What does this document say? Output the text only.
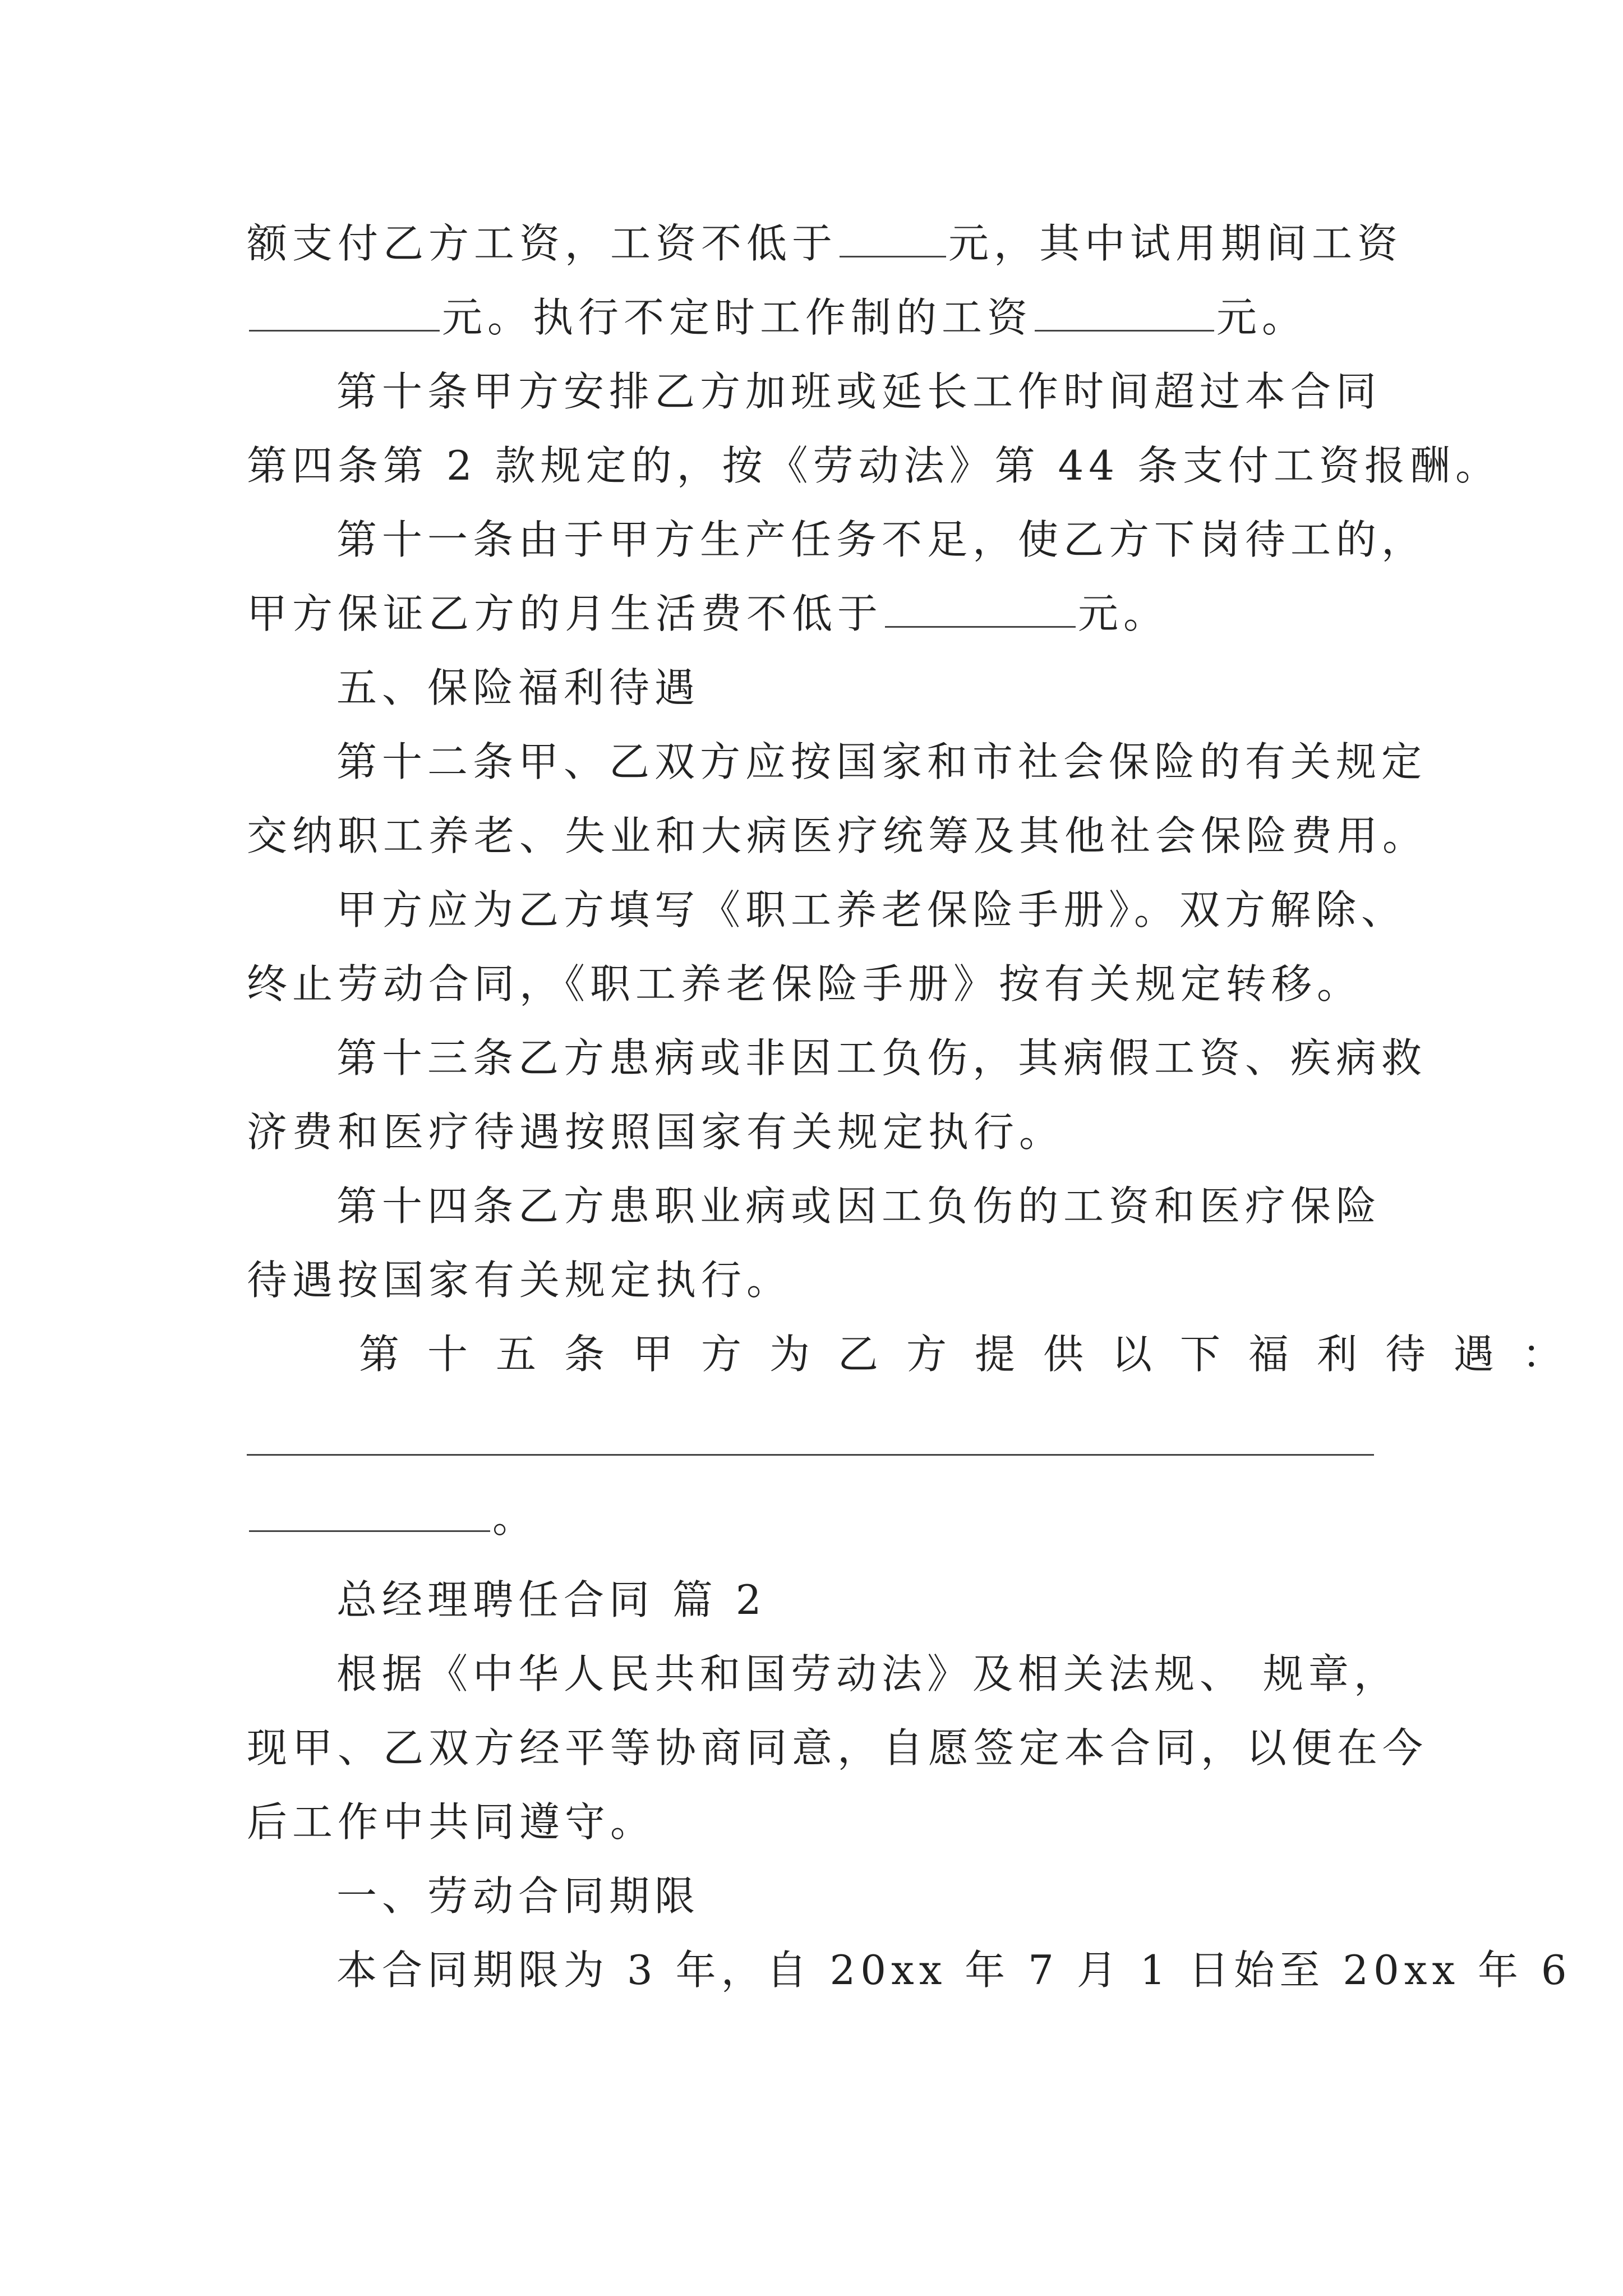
额支付乙方工资，工资不低于	元，其中试用期间工资
元。执行不定时工作制的工资	元。
第十条甲方安排乙方加班或延长工作时间超过本合同
第四条第 2 款规定的，按《劳动法》第 44 条支付工资报酬。
第十一条由于甲方生产任务不足，使乙方下岗待工的，
甲方保证乙方的月生活费不低于	元。
五、保险福利待遇
第十二条甲、乙双方应按国家和市社会保险的有关规定
交纳职工养老、失业和大病医疗统筹及其他社会保险费用。
甲方应为乙方填写《职工养老保险手册》。双方解除、
终止劳动合同，《职工养老保险手册》按有关规定转移。
第十三条乙方患病或非因工负伤，其病假工资、疾病救
济费和医疗待遇按照国家有关规定执行。
第十四条乙方患职业病或因工负伤的工资和医疗保险
待遇按国家有关规定执行。
第十五条甲方为乙方提供以下福利待遇：
。
总经理聘任合同 篇 2
根据《中华人民共和国劳动法》及相关法规、 规章，
现甲、乙双方经平等协商同意，自愿签定本合同，以便在今
后工作中共同遵守。
一、劳动合同期限
本合同期限为 3 年，自 20xx 年 7 月 1 日始至 20xx 年 6
